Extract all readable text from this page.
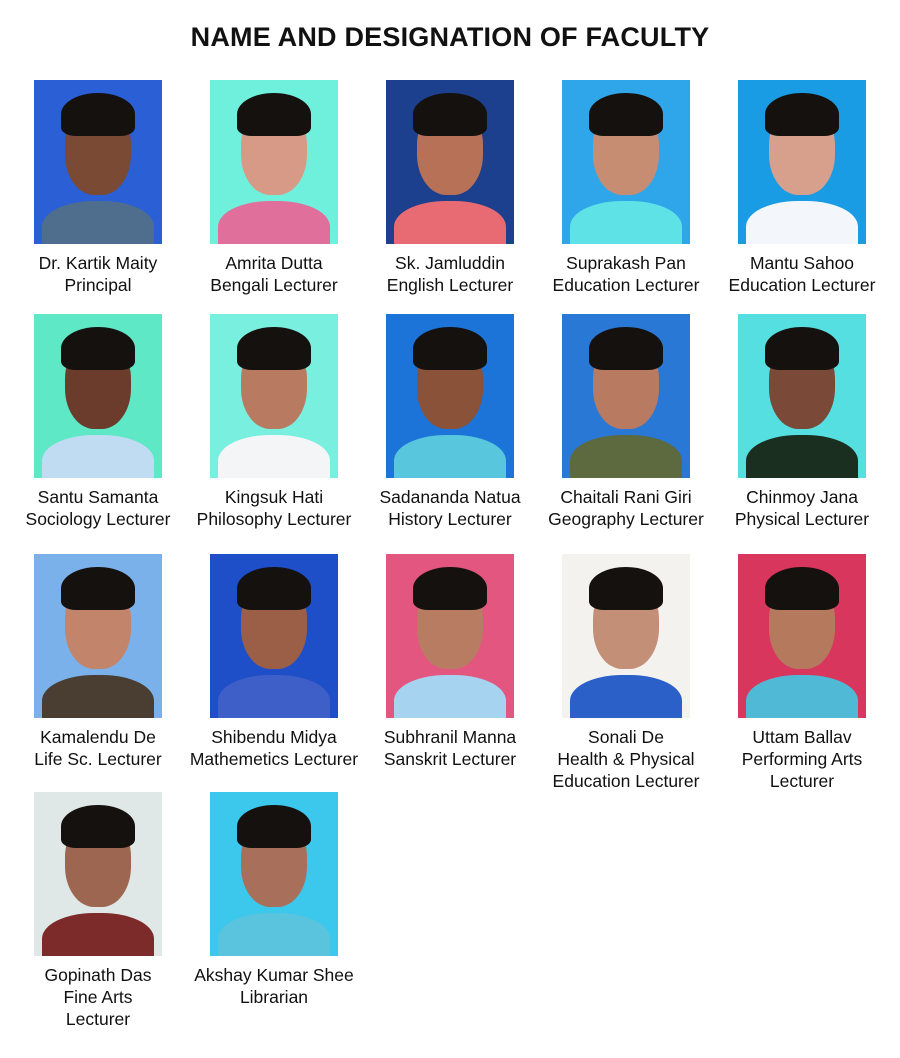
NAME AND DESIGNATION OF FACULTY
Dr. Kartik Maity
Principal
Amrita Dutta
Bengali Lecturer
Sk. Jamluddin
English Lecturer
Suprakash Pan
Education Lecturer
Mantu Sahoo
Education Lecturer
Santu Samanta
Sociology Lecturer
Kingsuk Hati
Philosophy Lecturer
Sadananda Natua
History Lecturer
Chaitali Rani Giri
Geography Lecturer
Chinmoy Jana
Physical Lecturer
Kamalendu De
Life Sc. Lecturer
Shibendu Midya
Mathemetics Lecturer
Subhranil Manna
Sanskrit Lecturer
Sonali De
Health & Physical
Education Lecturer
Uttam Ballav
Performing Arts
Lecturer
Gopinath Das
Fine Arts
Lecturer
Akshay Kumar Shee
Librarian
